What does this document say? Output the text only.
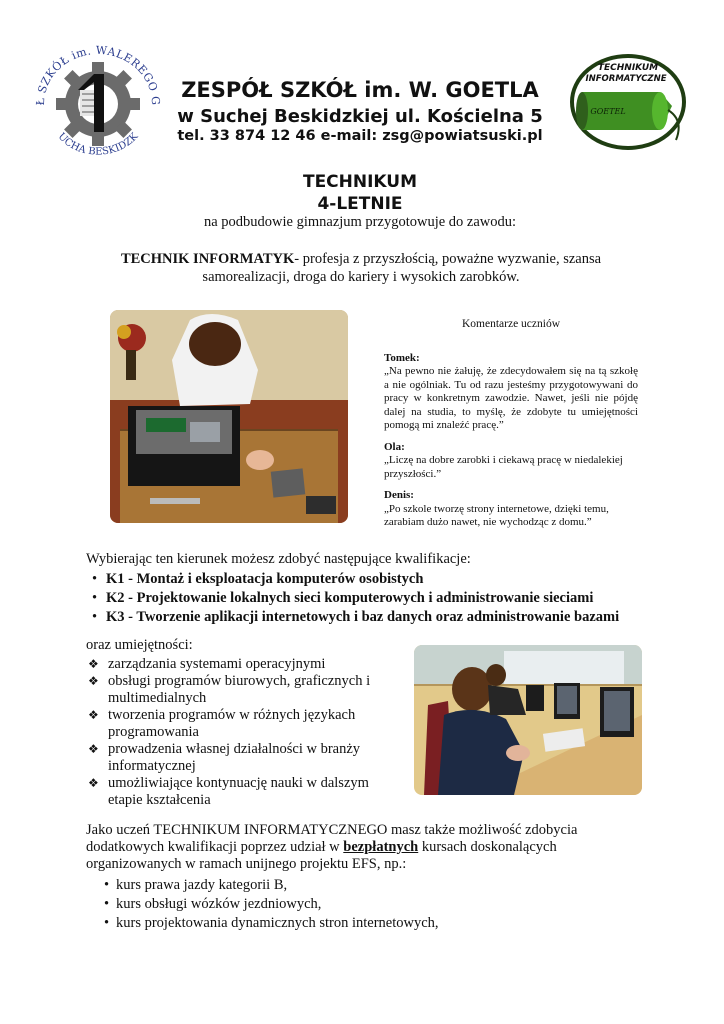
Ł SZKÓŁ im. WALEREGO G
UCHA BESKIDZK
ZESPÓŁ SZKÓŁ im. W. GOETLA
w Suchej Beskidzkiej ul. Kościelna 5
tel. 33 874 12 46 e-mail: zsg@powiatsuski.pl
TECHNIKUM
INFORMATYCZNE
GOETEL
TECHNIKUM
4-LETNIE
na podbudowie gimnazjum przygotowuje do zawodu:
TECHNIK INFORMATYK- profesja z przyszłością, poważne wyzwanie, szansa samorealizacji, droga do kariery i wysokich zarobków.
Komentarze uczniów
Tomek:
„Na pewno nie żałuję, że zdecydowałem się na tą szkołę a nie ogólniak. Tu od razu jesteśmy przygotowywani do pracy w konkretnym zawodzie. Nawet, jeśli nie pójdę dalej na studia, to myślę, że zdobyte tu umiejętności pomogą mi znaleźć pracę.”
Ola:
„Liczę na dobre zarobki i ciekawą pracę w niedalekiej przyszłości.”
Denis:
„Po szkole tworzę strony internetowe, dzięki temu, zarabiam dużo nawet, nie wychodząc z domu.”
Wybierając ten kierunek możesz zdobyć następujące kwalifikacje:
• K1 - Montaż i eksploatacja komputerów osobistych
• K2 - Projektowanie lokalnych sieci komputerowych i administrowanie sieciami
• K3 - Tworzenie aplikacji internetowych i baz danych oraz administrowanie bazami
oraz umiejętności:
❖ zarządzania systemami operacyjnymi
❖ obsługi programów biurowych, graficznych i multimedialnych
❖ tworzenia programów w różnych językach programowania
❖ prowadzenia własnej działalności w branży informatycznej
❖ umożliwiające kontynuację nauki w dalszym etapie kształcenia
Jako uczeń TECHNIKUM INFORMATYCZNEGO masz także możliwość zdobycia dodatkowych kwalifikacji poprzez udział w bezpłatnych kursach doskonalących organizowanych w ramach unijnego projektu EFS, np.:
• kurs prawa jazdy kategorii B,
• kurs obsługi wózków jezdniowych,
• kurs projektowania dynamicznych stron internetowych,
